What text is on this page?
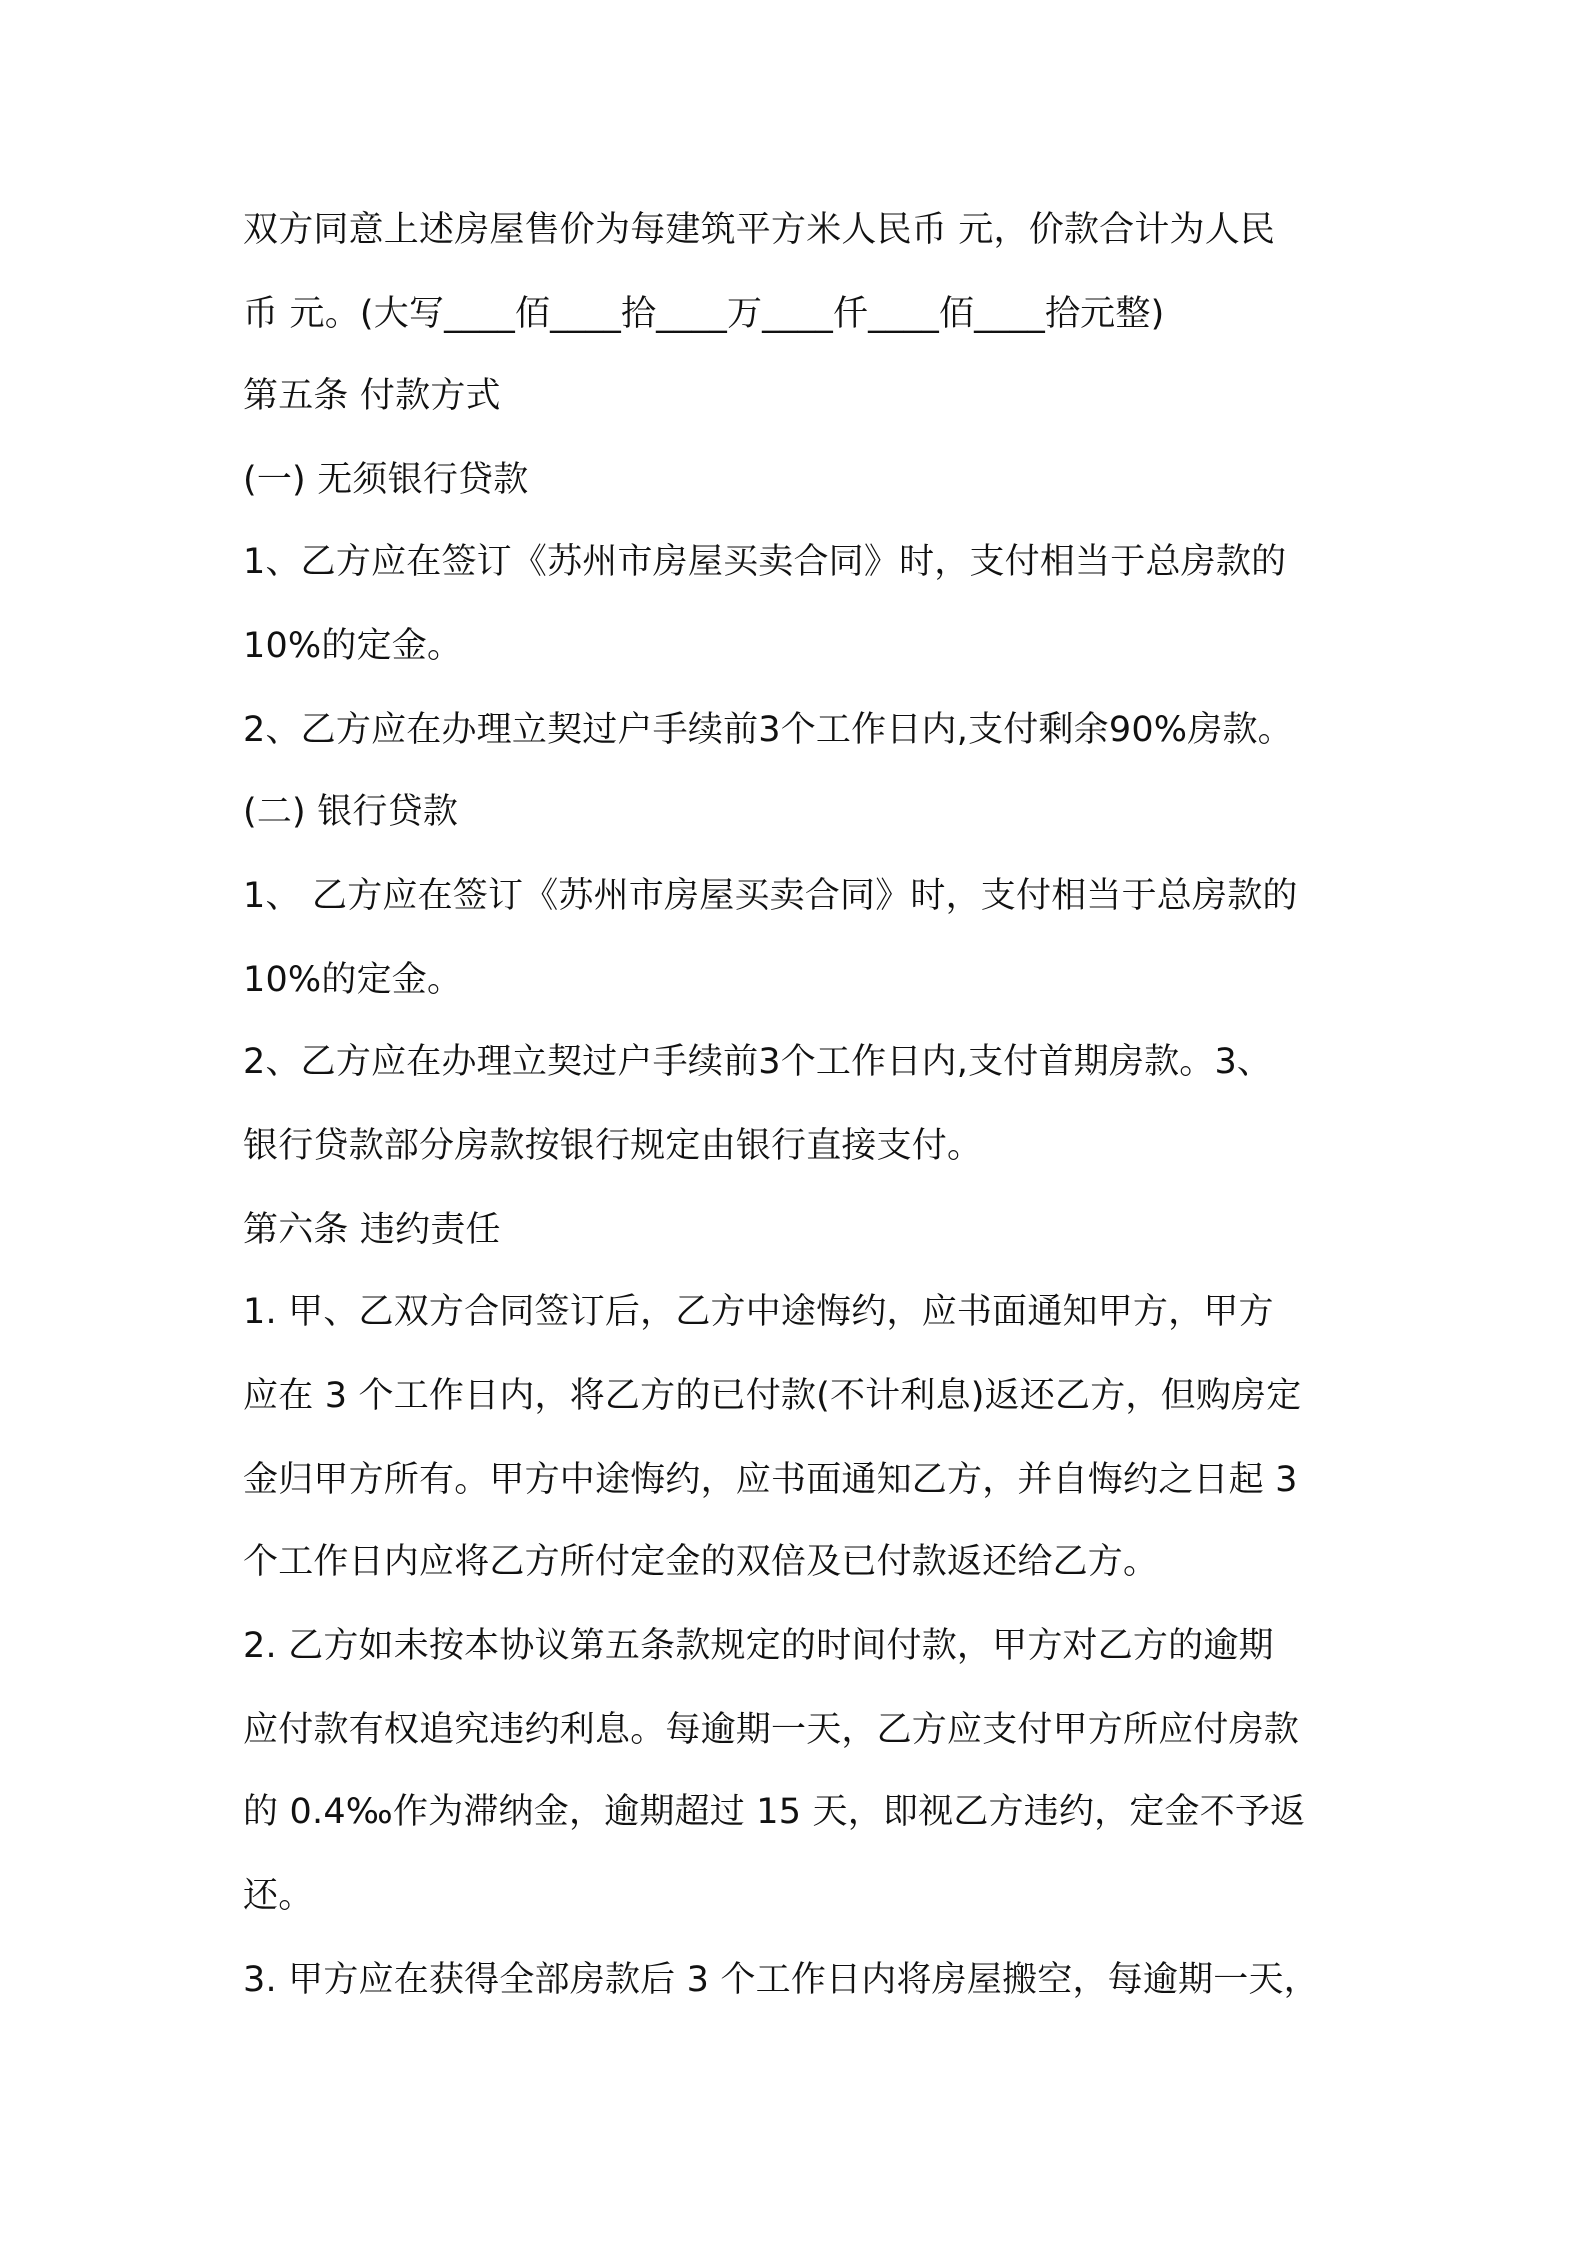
双方同意上述房屋售价为每建筑平方米人民币 元，价款合计为人民
币 元。(大写____佰____拾____万____仟____佰____拾元整)
第五条 付款方式
(一) 无须银行贷款
1、乙方应在签订《苏州市房屋买卖合同》时，支付相当于总房款的
10%的定金。
2、乙方应在办理立契过户手续前3个工作日内,支付剩余90%房款。
(二) 银行贷款
1、 乙方应在签订《苏州市房屋买卖合同》时，支付相当于总房款的
10%的定金。
2、乙方应在办理立契过户手续前3个工作日内,支付首期房款。3、
银行贷款部分房款按银行规定由银行直接支付。
第六条 违约责任
1. 甲、乙双方合同签订后，乙方中途悔约，应书面通知甲方，甲方
应在 3 个工作日内，将乙方的已付款(不计利息)返还乙方，但购房定
金归甲方所有。甲方中途悔约，应书面通知乙方，并自悔约之日起 3
个工作日内应将乙方所付定金的双倍及已付款返还给乙方。
2. 乙方如未按本协议第五条款规定的时间付款，甲方对乙方的逾期
应付款有权追究违约利息。每逾期一天，乙方应支付甲方所应付房款
的 0.4‰作为滞纳金，逾期超过 15 天，即视乙方违约，定金不予返
还。
3. 甲方应在获得全部房款后 3 个工作日内将房屋搬空，每逾期一天，
